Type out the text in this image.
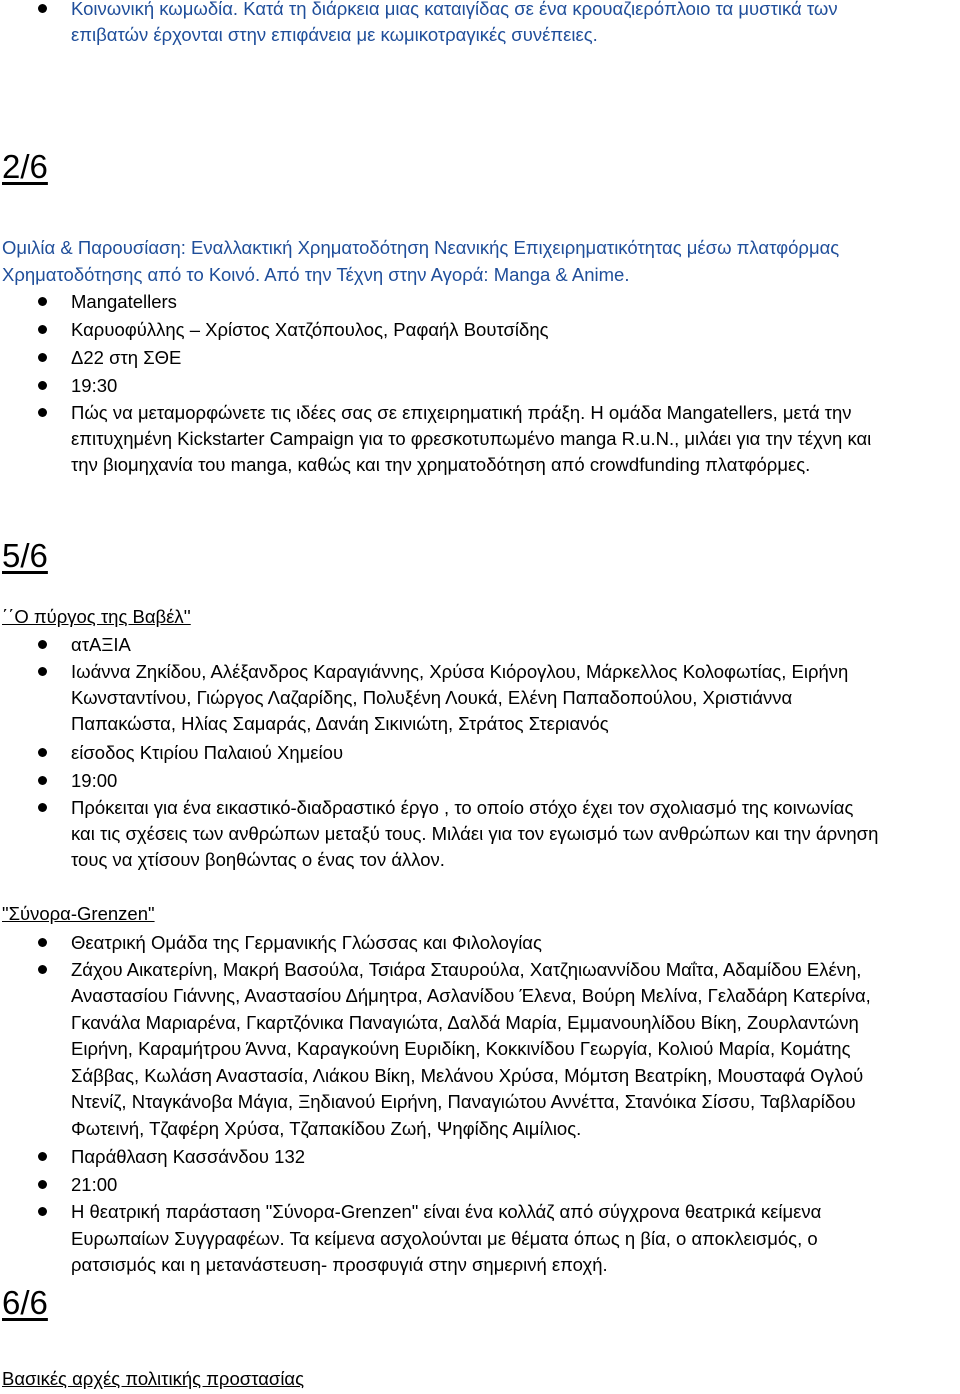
Κοινωνική κωμωδία. Κατά τη διάρκεια μιας καταιγίδας σε ένα κρουαζιερόπλοιο τα μυστικά των
επιβατών έρχονται στην επιφάνεια με κωμικοτραγικές συνέπειες.
2/6
Ομιλία & Παρουσίαση: Εναλλακτική Χρηματοδότηση Νεανικής Επιχειρηματικότητας μέσω πλατφόρμας
Χρηματοδότησης από το Κοινό. Από την Τέχνη στην Αγορά: Manga & Anime.
Mangatellers
Καρυοφύλλης – Χρίστος Χατζόπουλος, Ραφαήλ Βουτσίδης
Δ22 στη ΣΘΕ
19:30
Πώς να μεταμορφώνετε τις ιδέες σας σε επιχειρηματική πράξη. Η ομάδα Mangatellers, μετά την
επιτυχημένη Kickstarter Campaign για το φρεσκοτυπωμένο manga R.u.N., μιλάει για την τέχνη και
την βιομηχανία του manga, καθώς και την χρηματοδότηση από crowdfunding πλατφόρμες.
5/6
΄΄Ο πύργος της Βαβέλ''
ατΑΞΙΑ
Ιωάννα Ζηκίδου, Αλέξανδρος Καραγιάννης, Χρύσα Κιόρογλου, Μάρκελλος Κολοφωτίας, Ειρήνη
Κωνσταντίνου, Γιώργος Λαζαρίδης, Πολυξένη Λουκά, Ελένη Παπαδοπούλου, Χριστιάννα
Παπακώστα, Ηλίας Σαμαράς, Δανάη Σικινιώτη, Στράτος Στεριανός
είσοδος Κτιρίου Παλαιού Χημείου
19:00
Πρόκειται για ένα εικαστικό-διαδραστικό έργο , το οποίο στόχο έχει τον σχολιασμό της κοινωνίας
και τις σχέσεις των ανθρώπων μεταξύ τους. Μιλάει για τον εγωισμό των ανθρώπων και την άρνηση
τους να χτίσουν βοηθώντας ο ένας τον άλλον.
"Σύνορα-Grenzen"
Θεατρική Ομάδα της Γερμανικής Γλώσσας και Φιλολογίας
Ζάχου Αικατερίνη, Μακρή Βασούλα, Τσιάρα Σταυρούλα, Χατζηιωαννίδου Μαΐτα, Αδαμίδου Ελένη,
Αναστασίου Γιάννης, Αναστασίου Δήμητρα, Ασλανίδου Έλενα, Βούρη Μελίνα, Γελαδάρη Κατερίνα,
Γκανάλα Μαριαρένα, Γκαρτζόνικα Παναγιώτα, Δαλδά Μαρία, Εμμανουηλίδου Βίκη, Ζουρλαντώνη
Ειρήνη, Καραμήτρου Άννα, Καραγκούνη Ευριδίκη, Κοκκινίδου Γεωργία, Κολιού Μαρία, Κομάτης
Σάββας, Κωλάση Αναστασία, Λιάκου Βίκη, Μελάνου Χρύσα, Μόμτση Βεατρίκη, Μουσταφά Ογλού
Ντενίζ, Νταγκάνοβα Μάγια, Ξηδιανού Ειρήνη, Παναγιώτου Αννέττα, Στανόικα Σίσσυ, Ταβλαρίδου
Φωτεινή, Τζαφέρη Χρύσα, Τζαπακίδου Ζωή, Ψηφίδης Αιμίλιος.
Παράθλαση Κασσάνδου 132
21:00
Η θεατρική παράσταση "Σύνορα-Grenzen" είναι ένα κολλάζ από σύγχρονα θεατρικά κείμενα
Ευρωπαίων Συγγραφέων. Τα κείμενα ασχολούνται με θέματα όπως η βία, ο αποκλεισμός, ο
ρατσισμός και η μετανάστευση- προσφυγιά στην σημερινή εποχή.
6/6
Βασικές αρχές πολιτικής προστασίας
